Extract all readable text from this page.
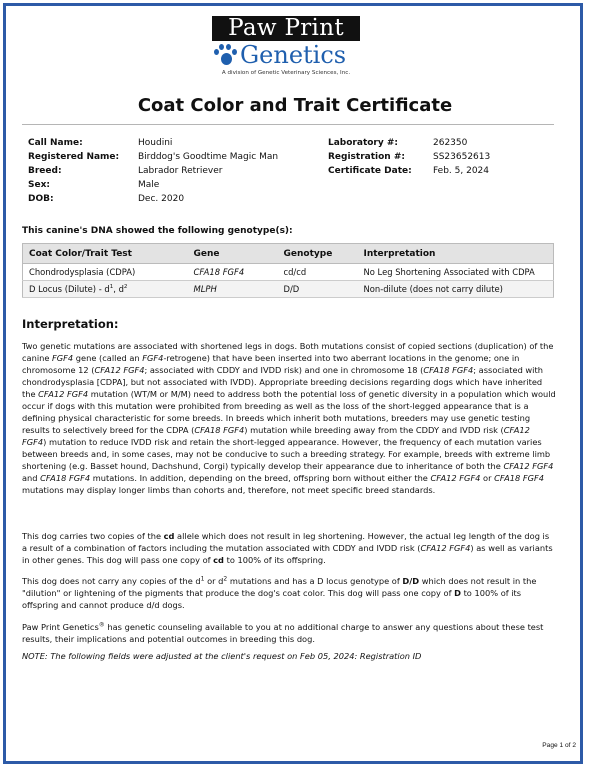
Paw Print
Genetics
A division of Genetic Veterinary Sciences, Inc.
Coat Color and Trait Certificate
Call Name:	Houdini
Registered Name: Birddog's Goodtime Magic Man
Breed:	Labrador Retriever
Sex:	Male
DOB:	Dec. 2020
Laboratory #:	262350
Registration #:	SS23652613
Certificate Date: Feb. 5, 2024
This canine's DNA showed the following genotype(s):
Coat Color/Trait Test	Gene	Genotype	Interpretation
Chondrodysplasia (CDPA)	CFA18 FGF4	cd/cd	No Leg Shortening Associated with CDPA
D Locus (Dilute) - $d^1$, $d^2$	MLPH	D/D	Non-dilute (does not carry dilute)
Interpretation:
Two genetic mutations are associated with shortened legs in dogs. Both mutations consist of copied sections (duplication) of the canine FGF4 gene (called an FGF4-retrogene) that have been inserted into two aberrant locations in the genome; one in chromosome 12 (CFA12 FGF4; associated with CDDY and IVDD risk) and one in chromosome 18 (CFA18 FGF4; associated with chondrodysplasia [CDPA], but not associated with IVDD). Appropriate breeding decisions regarding dogs which have inherited the CFA12 FGF4 mutation (WT/M or M/M) need to address both the potential loss of genetic diversity in a population which would occur if dogs with this mutation were prohibited from breeding as well as the loss of the short-legged appearance that is a defining physical characteristic for some breeds. In breeds which inherit both mutations, breeders may use genetic testing results to selectively breed for the CDPA (CFA18 FGF4) mutation while breeding away from the CDDY and IVDD risk (CFA12 FGF4) mutation to reduce IVDD risk and retain the short-legged appearance. However, the frequency of each mutation varies between breeds and, in some cases, may not be conducive to such a breeding strategy. For example, breeds with extreme limb shortening (e.g. Basset hound, Dachshund, Corgi) typically develop their appearance due to inheritance of both the CFA12 FGF4 and CFA18 FGF4 mutations. In addition, depending on the breed, offspring born without either the CFA12 FGF4 or CFA18 FGF4 mutations may display longer limbs than cohorts and, therefore, not meet specific breed standards.
This dog carries two copies of the cd allele which does not result in leg shortening. However, the actual leg length of the dog is a result of a combination of factors including the mutation associated with CDDY and IVDD risk (CFA12 FGF4) as well as variants in other genes. This dog will pass one copy of cd to 100% of its offspring.
This dog does not carry any copies of the $d^1$ or $d^2$ mutations and has a D locus genotype of D/D which does not result in the "dilution" or lightening of the pigments that produce the dog's coat color. This dog will pass one copy of D to 100% of its offspring and cannot produce d/d dogs.
Paw Print Genetics® has genetic counseling available to you at no additional charge to answer any questions about these test results, their implications and potential outcomes in breeding this dog.
NOTE: The following fields were adjusted at the client's request on Feb 05, 2024: Registration ID
Page 1 of 2
